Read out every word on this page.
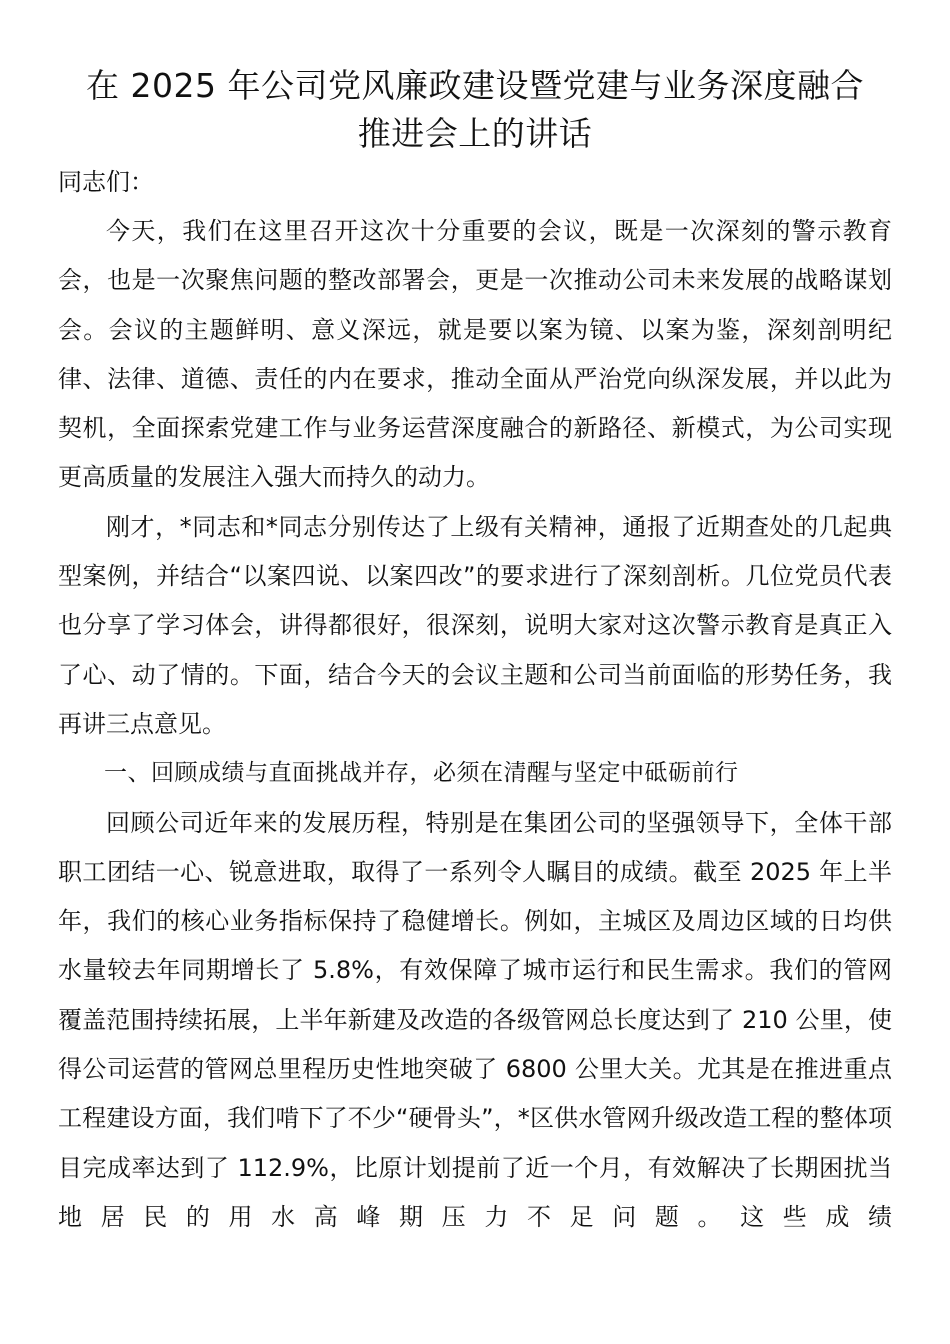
在 2025 年公司党风廉政建设暨党建与业务深度融合
推进会上的讲话

同志们：

今天，我们在这里召开这次十分重要的会议，既是一次深刻的警示教育会，也是一次聚焦问题的整改部署会，更是一次推动公司未来发展的战略谋划会。会议的主题鲜明、意义深远，就是要以案为镜、以案为鉴，深刻剖明纪律、法律、道德、责任的内在要求，推动全面从严治党向纵深发展，并以此为契机，全面探索党建工作与业务运营深度融合的新路径、新模式，为公司实现更高质量的发展注入强大而持久的动力。

刚才，*同志和*同志分别传达了上级有关精神，通报了近期查处的几起典型案例，并结合“以案四说、以案四改”的要求进行了深刻剖析。几位党员代表也分享了学习体会，讲得都很好，很深刻，说明大家对这次警示教育是真正入了心、动了情的。下面，结合今天的会议主题和公司当前面临的形势任务，我再讲三点意见。

一、回顾成绩与直面挑战并存，必须在清醒与坚定中砥砺前行

回顾公司近年来的发展历程，特别是在集团公司的坚强领导下，全体干部职工团结一心、锐意进取，取得了一系列令人瞩目的成绩。截至 2025 年上半年，我们的核心业务指标保持了稳健增长。例如，主城区及周边区域的日均供水量较去年同期增长了 5.8%，有效保障了城市运行和民生需求。我们的管网覆盖范围持续拓展，上半年新建及改造的各级管网总长度达到了 210 公里，使得公司运营的管网总里程历史性地突破了 6800 公里大关。尤其是在推进重点工程建设方面，我们啃下了不少“硬骨头”，*区供水管网升级改造工程的整体项目完成率达到了 112.9%，比原计划提前了近一个月，有效解决了长期困扰当地居民的用水高峰期压力不足问题。这些成绩
